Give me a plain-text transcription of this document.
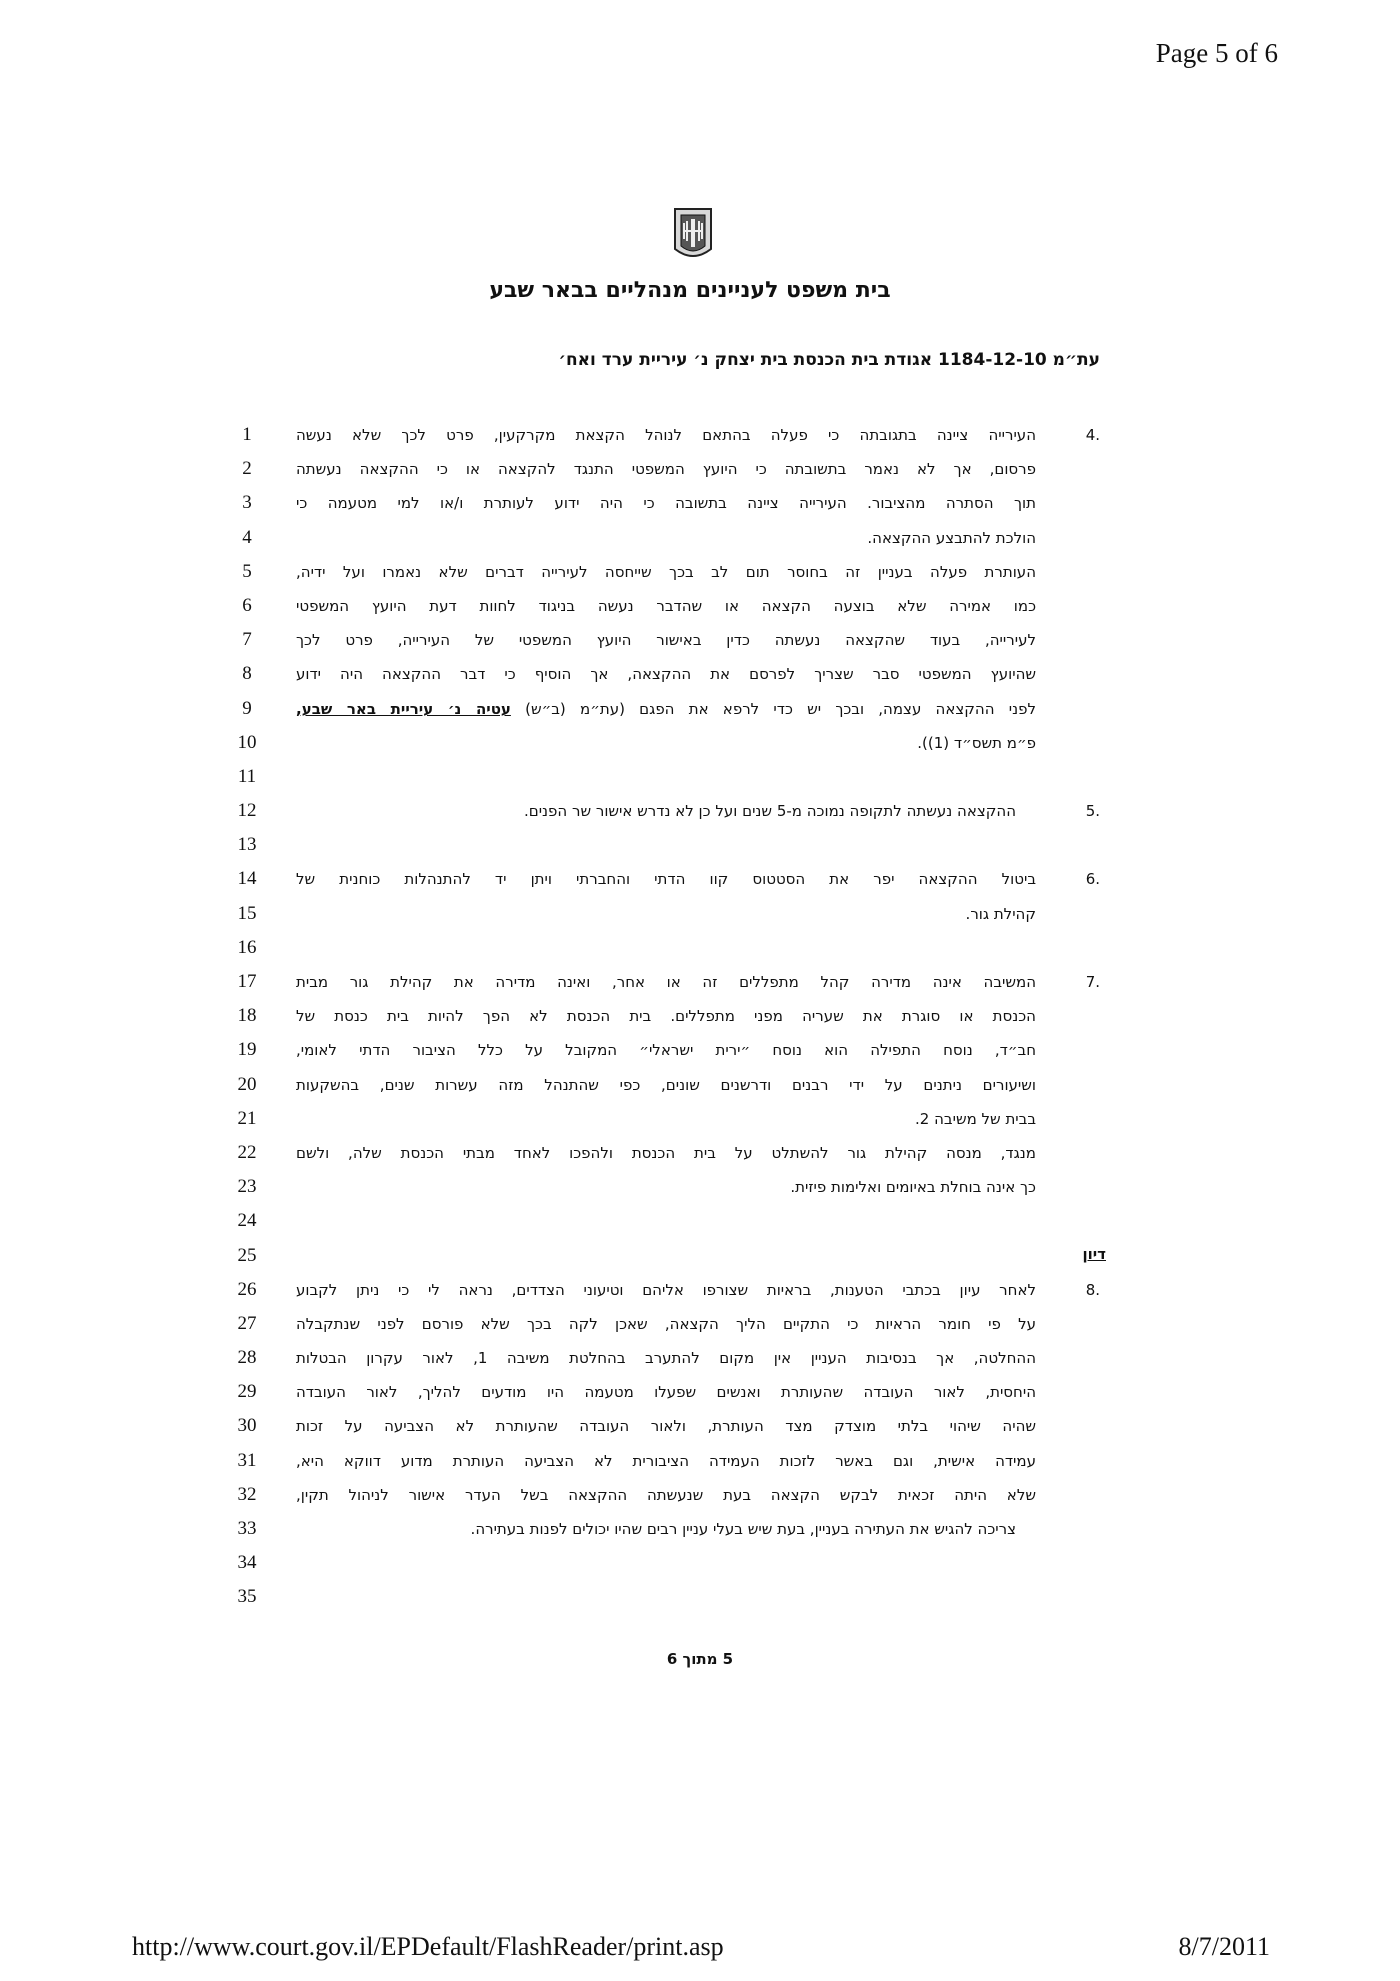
Page 5 of 6
בית משפט לעניינים מנהליים בבאר שבע
עת״מ 1184-12-10 אגודת בית הכנסת בית יצחק נ׳ עיריית ערד ואח׳
1
2
3
4
5
6
7
8
9
10
11
12
13
14
15
16
17
18
19
20
21
22
23
24
25
26
27
28
29
30
31
32
33
34
35
4.
5.
6.
7.
8.
העירייה ציינה בתגובתה כי פעלה בהתאם לנוהל הקצאת מקרקעין, פרט לכך שלא נעשה
פרסום, אך לא נאמר בתשובתה כי היועץ המשפטי התנגד להקצאה או כי ההקצאה נעשתה
תוך הסתרה מהציבור. העירייה ציינה בתשובה כי היה ידוע לעותרת ו/או למי מטעמה כי
הולכת להתבצע ההקצאה.
העותרת פעלה בעניין זה בחוסר תום לב בכך שייחסה לעירייה דברים שלא נאמרו ועל ידיה,
כמו אמירה שלא בוצעה הקצאה או שהדבר נעשה בניגוד לחוות דעת היועץ המשפטי
לעירייה, בעוד שהקצאה נעשתה כדין באישור היועץ המשפטי של העירייה, פרט לכך
שהיועץ המשפטי סבר שצריך לפרסם את ההקצאה, אך הוסיף כי דבר ההקצאה היה ידוע
לפני ההקצאה עצמה, ובכך יש כדי לרפא את הפגם (עת״מ (ב״ש) עטיה נ׳ עיריית באר שבע,
פ״מ תשס״ד (1)).
ההקצאה נעשתה לתקופה נמוכה מ-5 שנים ועל כן לא נדרש אישור שר הפנים.
ביטול ההקצאה יפר את הסטטוס קוו הדתי והחברתי ויתן יד להתנהלות כוחנית של
קהילת גור.
המשיבה אינה מדירה קהל מתפללים זה או אחר, ואינה מדירה את קהילת גור מבית
הכנסת או סוגרת את שעריה מפני מתפללים. בית הכנסת לא הפך להיות בית כנסת של
חב״ד, נוסח התפילה הוא נוסח ״ירית ישראלי״ המקובל על כלל הציבור הדתי לאומי,
ושיעורים ניתנים על ידי רבנים ודרשנים שונים, כפי שהתנהל מזה עשרות שנים, בהשקעות
בבית של משיבה 2.
מנגד, מנסה קהילת גור להשתלט על בית הכנסת ולהפכו לאחד מבתי הכנסת שלה, ולשם
כך אינה בוחלת באיומים ואלימות פיזית.
לאחר עיון בכתבי הטענות, בראיות שצורפו אליהם וטיעוני הצדדים, נראה לי כי ניתן לקבוע
על פי חומר הראיות כי התקיים הליך הקצאה, שאכן לקה בכך שלא פורסם לפני שנתקבלה
ההחלטה, אך בנסיבות העניין אין מקום להתערב בהחלטת משיבה 1, לאור עקרון הבטלות
היחסית, לאור העובדה שהעותרת ואנשים שפעלו מטעמה היו מודעים להליך, לאור העובדה
שהיה שיהוי בלתי מוצדק מצד העותרת, ולאור העובדה שהעותרת לא הצביעה על זכות
עמידה אישית, וגם באשר לזכות העמידה הציבורית לא הצביעה העותרת מדוע דווקא היא,
שלא היתה זכאית לבקש הקצאה בעת שנעשתה ההקצאה בשל העדר אישור לניהול תקין,
צריכה להגיש את העתירה בעניין, בעת שיש בעלי עניין רבים שהיו יכולים לפנות בעתירה.
דיון
5 מתוך 6
http://www.court.gov.il/EPDefault/FlashReader/print.asp	8/7/2011
